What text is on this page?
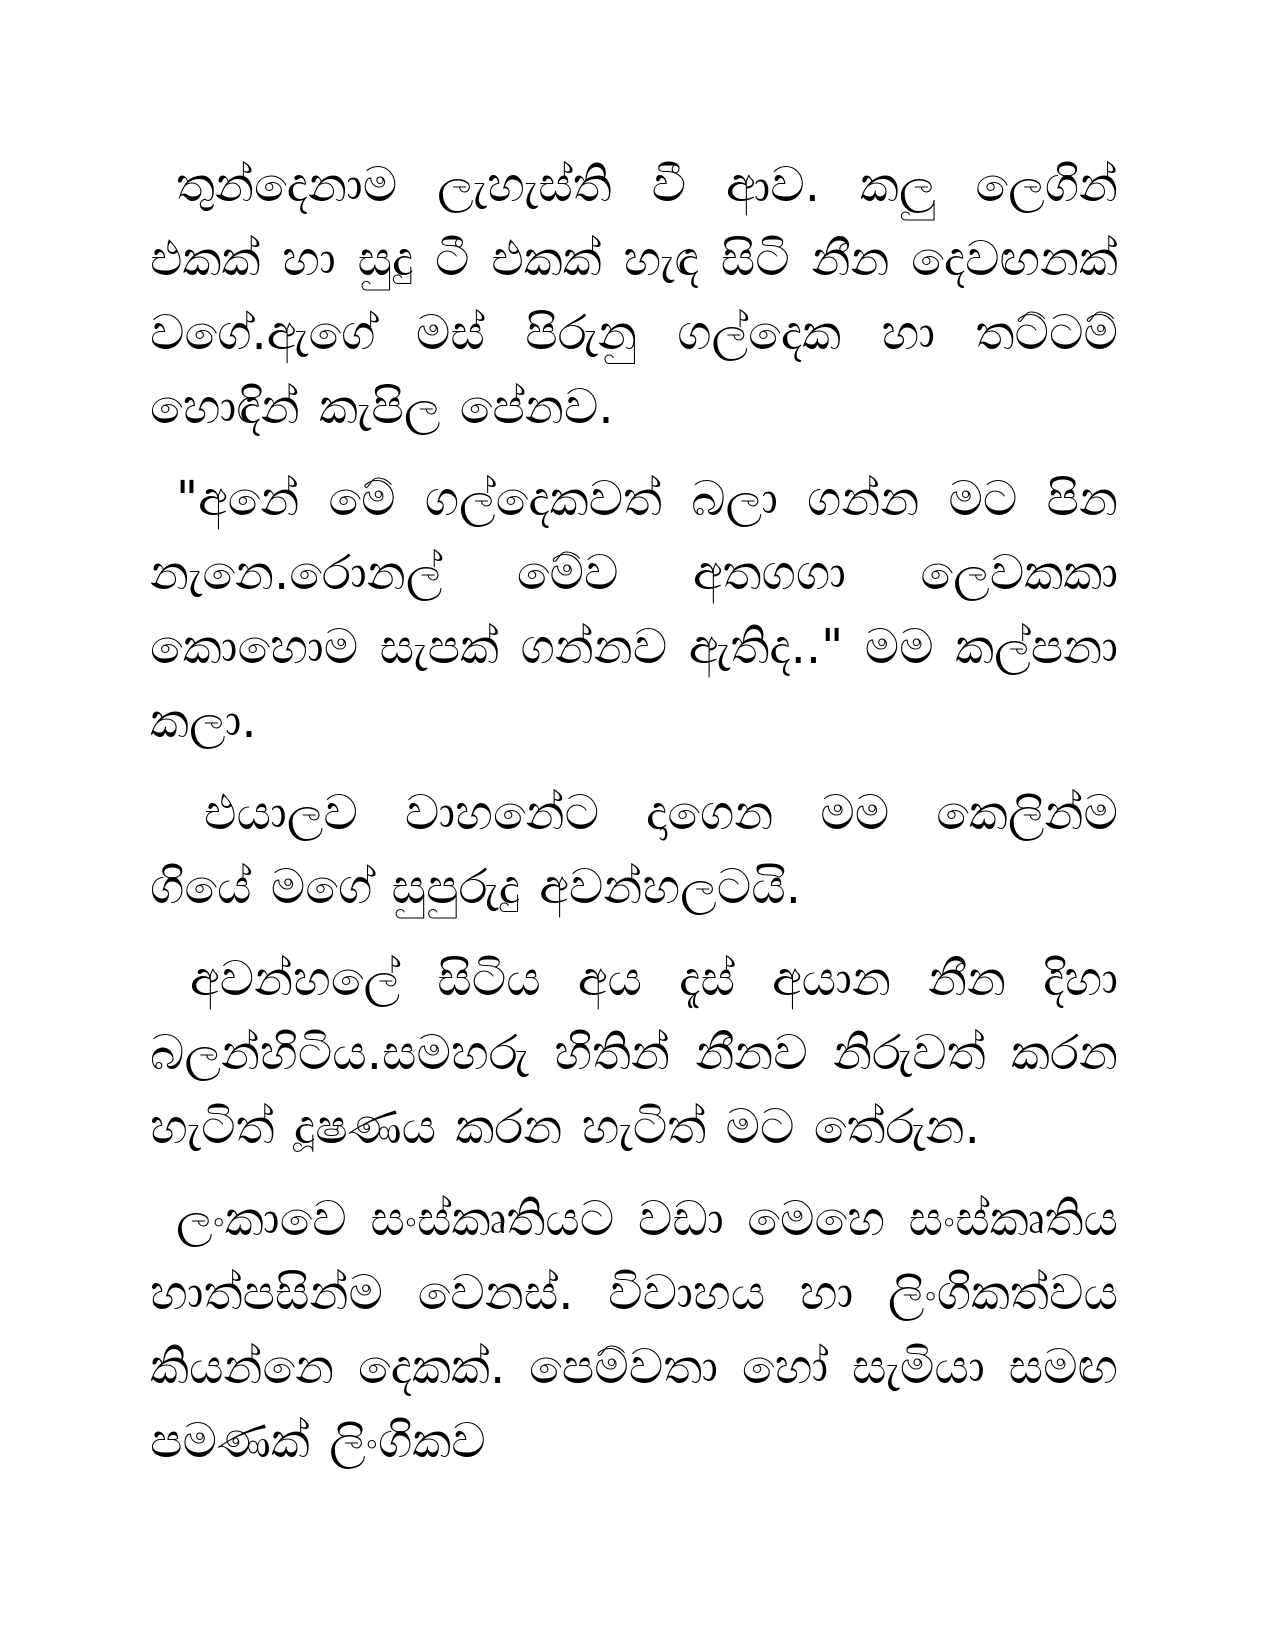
තුන්දෙනාම ලැහැස්ති වී ආව. කලු ලෙගින් එකක් හා සුදු ටී එකක් හැඳ සිටි නීන දෙවඟනක් වගේ.ඇගේ මස් පිරුනු ගල්දෙක හා තට්ටම් හොඳින් කැපිල පේනව.

"අනේ මේ ගල්දෙකවත් බලා ගන්න මට පින නැනෙ.රොනල් මේව අතගගා ලෙවකකා කොහොම සැපක් ගන්නව ඇතිද.." මම කල්පනා කලා.

එයාලව වාහනේට දාගෙන මම කෙලින්ම ගියේ මගේ සුපුරුදු අවන්හලටයි.

අවන්හලේ සිටිය අය දැස් අයාන නීන දිහා බලන්හිටිය.සමහරු හිතින් නීනව නිරුවත් කරන හැටිත් දූෂණය කරන හැටිත් මට තේරුන.

ලංකාවෙ සංස්කෘතියට වඩා මෙහෙ සංස්කෘතිය හාත්පසින්ම වෙනස්. විවාහය හා ලිංගිකත්වය කියන්නෙ දෙකක්. පෙම්වතා හෝ සැමියා සමඟ පමණක් ලිංගිකව
